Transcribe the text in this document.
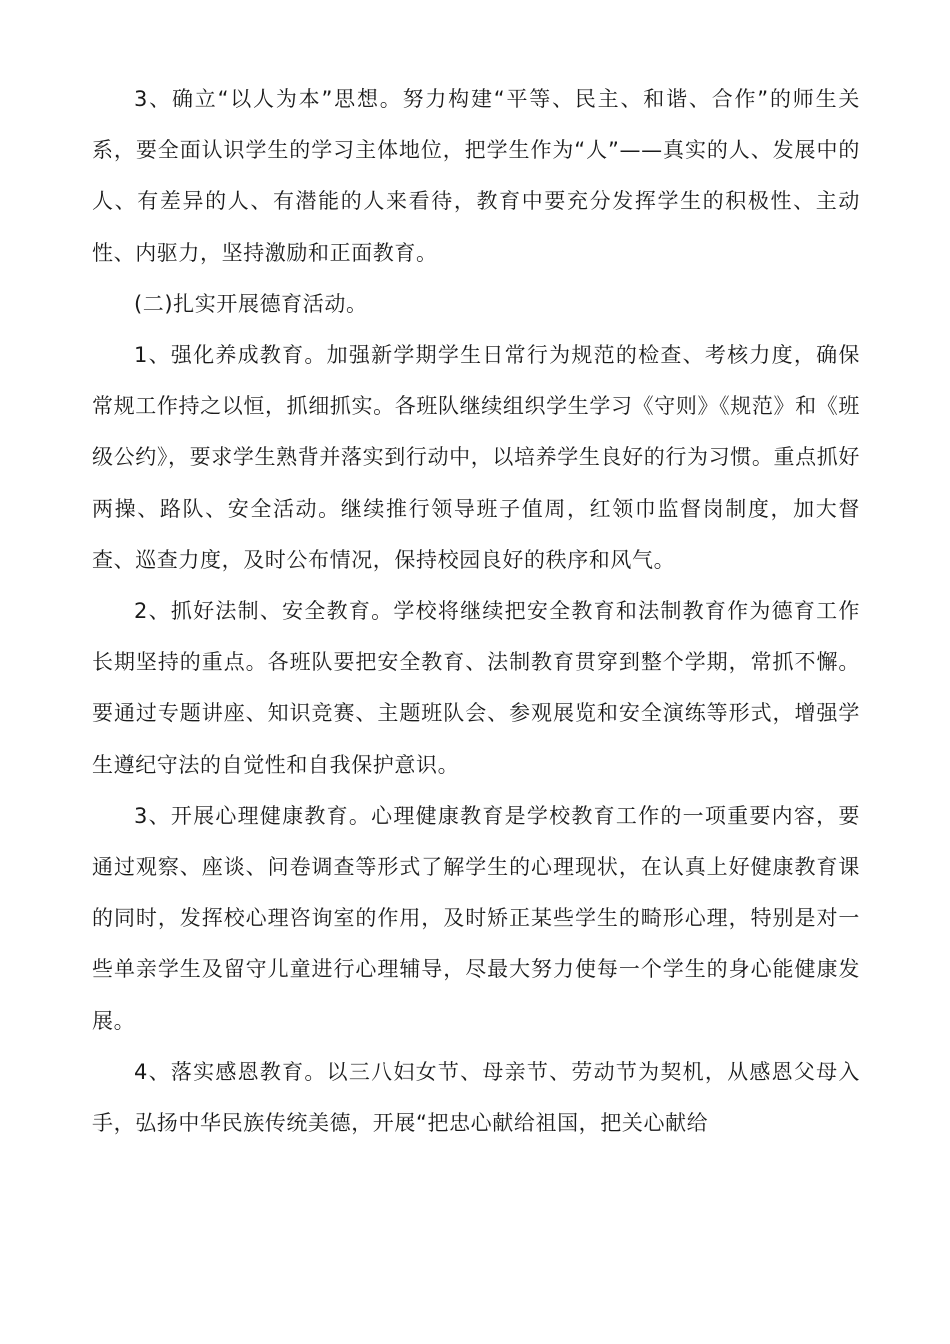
3、确立“以人为本”思想。努力构建“平等、民主、和谐、合作”的师生关系，要全面认识学生的学习主体地位，把学生作为“人”——真实的人、发展中的人、有差异的人、有潜能的人来看待，教育中要充分发挥学生的积极性、主动性、内驱力，坚持激励和正面教育。

(二)扎实开展德育活动。

1、强化养成教育。加强新学期学生日常行为规范的检查、考核力度，确保常规工作持之以恒，抓细抓实。各班队继续组织学生学习《守则》《规范》和《班级公约》，要求学生熟背并落实到行动中，以培养学生良好的行为习惯。重点抓好两操、路队、安全活动。继续推行领导班子值周，红领巾监督岗制度，加大督查、巡查力度，及时公布情况，保持校园良好的秩序和风气。

2、抓好法制、安全教育。学校将继续把安全教育和法制教育作为德育工作长期坚持的重点。各班队要把安全教育、法制教育贯穿到整个学期，常抓不懈。要通过专题讲座、知识竞赛、主题班队会、参观展览和安全演练等形式，增强学生遵纪守法的自觉性和自我保护意识。

3、开展心理健康教育。心理健康教育是学校教育工作的一项重要内容，要通过观察、座谈、问卷调查等形式了解学生的心理现状，在认真上好健康教育课的同时，发挥校心理咨询室的作用，及时矫正某些学生的畸形心理，特别是对一些单亲学生及留守儿童进行心理辅导，尽最大努力使每一个学生的身心能健康发展。

4、落实感恩教育。以三八妇女节、母亲节、劳动节为契机，从感恩父母入手，弘扬中华民族传统美德，开展“把忠心献给祖国，把关心献给
